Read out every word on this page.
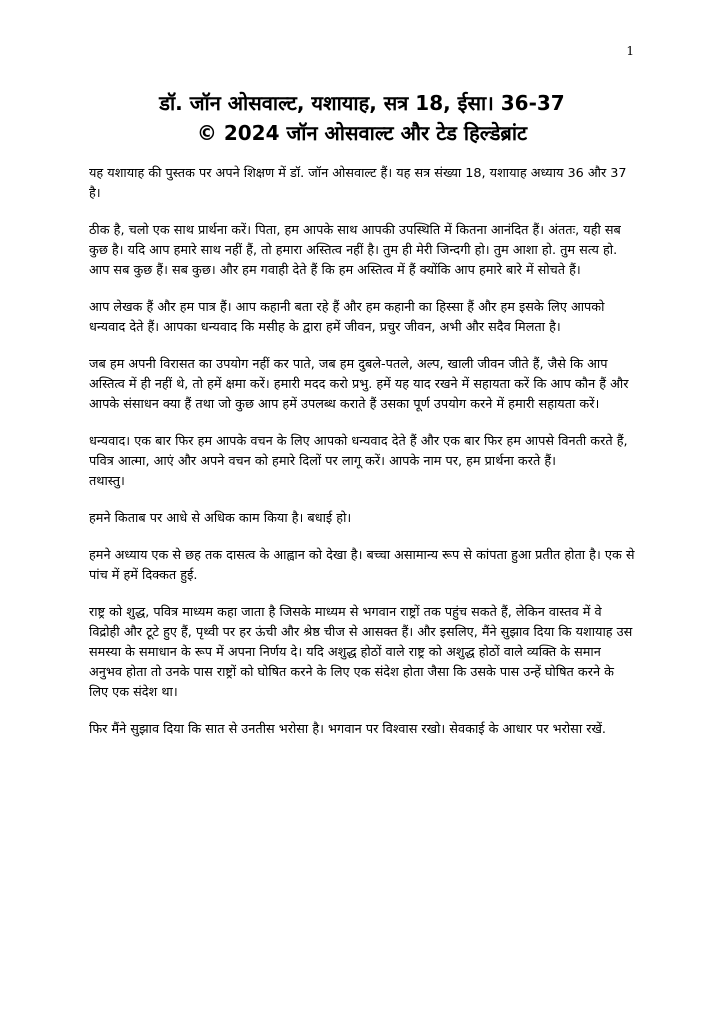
1
डॉ. जॉन ओसवाल्ट, यशायाह, सत्र 18, ईसा। 36-37
© 2024 जॉन ओसवाल्ट और टेड हिल्डेब्रांट

यह यशायाह की पुस्तक पर अपने शिक्षण में डॉ. जॉन ओसवाल्ट हैं। यह सत्र संख्या 18, यशायाह अध्याय 36 और 37 है।

ठीक है, चलो एक साथ प्रार्थना करें। पिता, हम आपके साथ आपकी उपस्थिति में कितना आनंदित हैं। अंततः, यही सब कुछ है। यदि आप हमारे साथ नहीं हैं, तो हमारा अस्तित्व नहीं है। तुम ही मेरी जिन्दगी हो। तुम आशा हो. तुम सत्य हो. आप सब कुछ हैं। सब कुछ। और हम गवाही देते हैं कि हम अस्तित्व में हैं क्योंकि आप हमारे बारे में सोचते हैं।

आप लेखक हैं और हम पात्र हैं। आप कहानी बता रहे हैं और हम कहानी का हिस्सा हैं और हम इसके लिए आपको धन्यवाद देते हैं। आपका धन्यवाद कि मसीह के द्वारा हमें जीवन, प्रचुर जीवन, अभी और सदैव मिलता है।

जब हम अपनी विरासत का उपयोग नहीं कर पाते, जब हम दुबले-पतले, अल्प, खाली जीवन जीते हैं, जैसे कि आप अस्तित्व में ही नहीं थे, तो हमें क्षमा करें। हमारी मदद करो प्रभु. हमें यह याद रखने में सहायता करें कि आप कौन हैं और आपके संसाधन क्या हैं तथा जो कुछ आप हमें उपलब्ध कराते हैं उसका पूर्ण उपयोग करने में हमारी सहायता करें।

धन्यवाद। एक बार फिर हम आपके वचन के लिए आपको धन्यवाद देते हैं और एक बार फिर हम आपसे विनती करते हैं, पवित्र आत्मा, आएं और अपने वचन को हमारे दिलों पर लागू करें। आपके नाम पर, हम प्रार्थना करते हैं।

तथास्तु।

हमने किताब पर आधे से अधिक काम किया है। बधाई हो।

हमने अध्याय एक से छह तक दासत्व के आह्वान को देखा है। बच्चा असामान्य रूप से कांपता हुआ प्रतीत होता है। एक से पांच में हमें दिक्कत हुई.

राष्ट्र को शुद्ध, पवित्र माध्यम कहा जाता है जिसके माध्यम से भगवान राष्ट्रों तक पहुंच सकते हैं, लेकिन वास्तव में वे विद्रोही और टूटे हुए हैं, पृथ्वी पर हर ऊंची और श्रेष्ठ चीज से आसक्त हैं। और इसलिए, मैंने सुझाव दिया कि यशायाह उस समस्या के समाधान के रूप में अपना निर्णय दे। यदि अशुद्ध होठों वाले राष्ट्र को अशुद्ध होठों वाले व्यक्ति के समान अनुभव होता तो उनके पास राष्ट्रों को घोषित करने के लिए एक संदेश होता जैसा कि उसके पास उन्हें घोषित करने के लिए एक संदेश था।

फिर मैंने सुझाव दिया कि सात से उनतीस भरोसा है। भगवान पर विश्वास रखो। सेवकाई के आधार पर भरोसा रखें.
